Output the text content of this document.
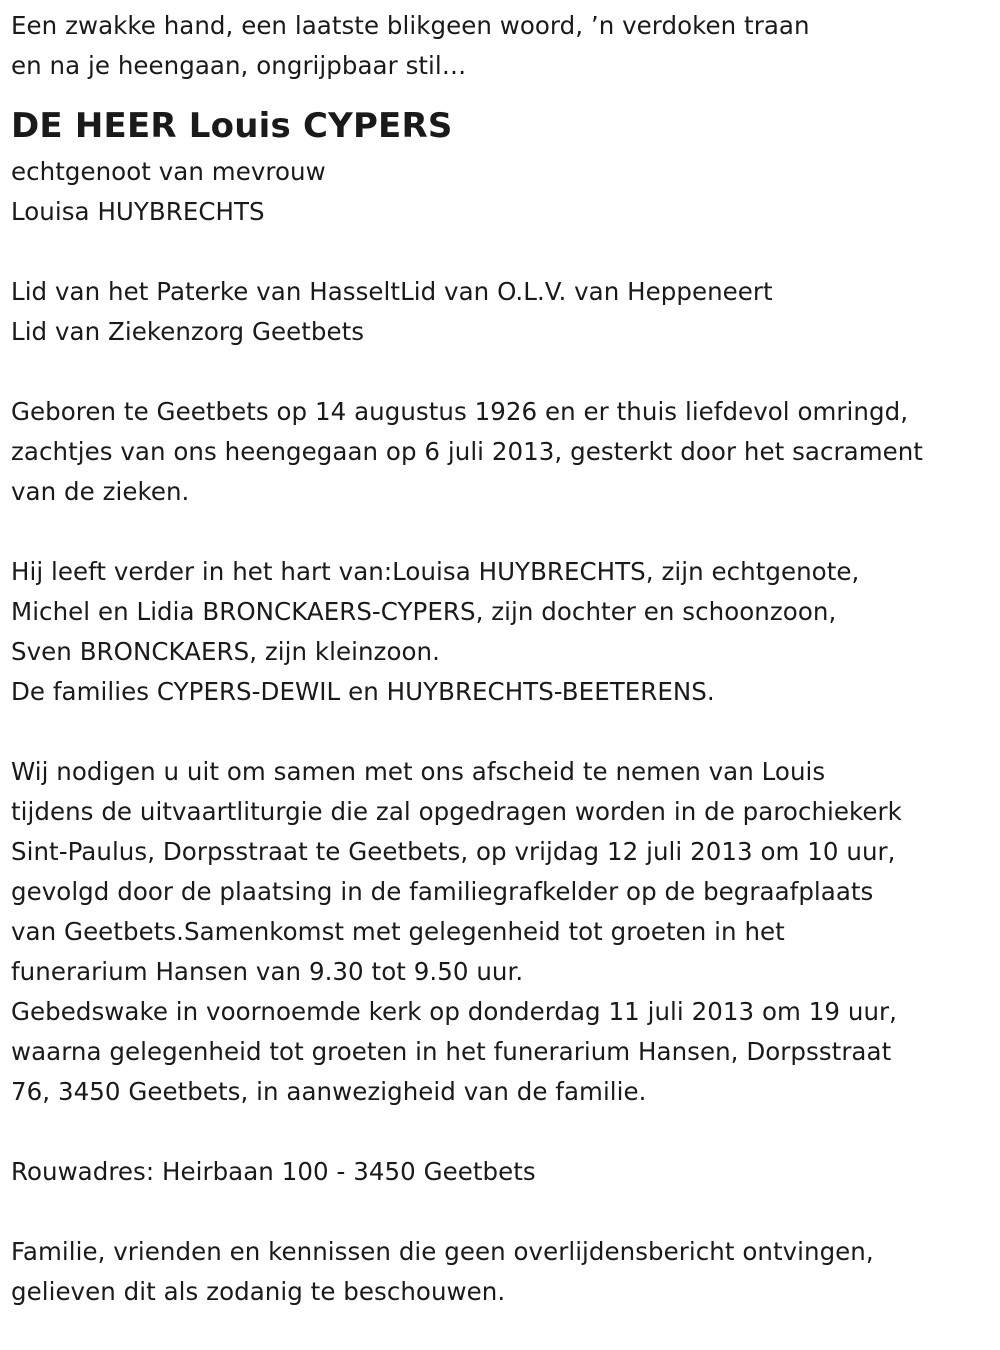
Een zwakke hand, een laatste blikgeen woord, ’n verdoken traan
en na je heengaan, ongrijpbaar stil…
DE HEER Louis CYPERS
echtgenoot van mevrouw
Louisa HUYBRECHTS
Lid van het Paterke van HasseltLid van O.L.V. van Heppeneert
Lid van Ziekenzorg Geetbets
Geboren te Geetbets op 14 augustus 1926 en er thuis liefdevol omringd,
zachtjes van ons heengegaan op 6 juli 2013, gesterkt door het sacrament
van de zieken.
Hij leeft verder in het hart van:Louisa HUYBRECHTS, zijn echtgenote,
Michel en Lidia BRONCKAERS-CYPERS, zijn dochter en schoonzoon,
Sven BRONCKAERS, zijn kleinzoon.
De families CYPERS-DEWIL en HUYBRECHTS-BEETERENS.
Wij nodigen u uit om samen met ons afscheid te nemen van Louis
tijdens de uitvaartliturgie die zal opgedragen worden in de parochiekerk
Sint-Paulus, Dorpsstraat te Geetbets, op vrijdag 12 juli 2013 om 10 uur,
gevolgd door de plaatsing in de familiegrafkelder op de begraafplaats
van Geetbets.Samenkomst met gelegenheid tot groeten in het
funerarium Hansen van 9.30 tot 9.50 uur.
Gebedswake in voornoemde kerk op donderdag 11 juli 2013 om 19 uur,
waarna gelegenheid tot groeten in het funerarium Hansen, Dorpsstraat
76, 3450 Geetbets, in aanwezigheid van de familie.
Rouwadres: Heirbaan 100 - 3450 Geetbets
Familie, vrienden en kennissen die geen overlijdensbericht ontvingen,
gelieven dit als zodanig te beschouwen.
